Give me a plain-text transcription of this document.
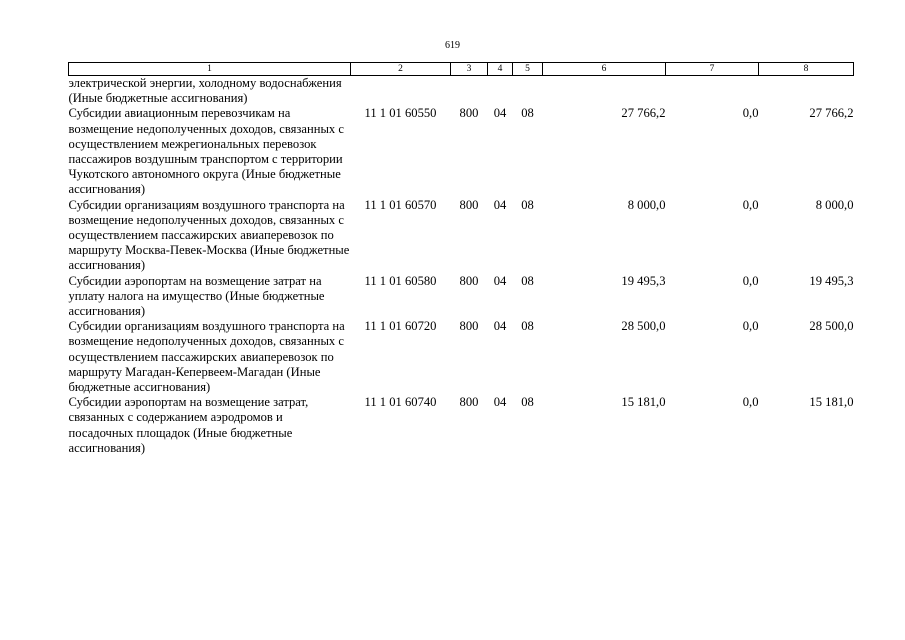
619
1	2	3	4	5	6	7	8
электрической энергии, холодному водоснабжения (Иные бюджетные ассигнования)							
Субсидии авиационным перевозчикам на возмещение недополученных доходов, связанных с осуществлением межрегиональных перевозок пассажиров воздушным транспортом с территории Чукотского автономного округа (Иные бюджетные ассигнования)	11 1 01 60550	800	04	08	27 766,2	0,0	27 766,2
Субсидии организациям воздушного транспорта на возмещение недополученных доходов, связанных с осуществлением пассажирских авиаперевозок по маршруту Москва-Певек-Москва (Иные бюджетные ассигнования)	11 1 01 60570	800	04	08	8 000,0	0,0	8 000,0
Субсидии аэропортам на возмещение затрат на уплату налога на имущество (Иные бюджетные ассигнования)	11 1 01 60580	800	04	08	19 495,3	0,0	19 495,3
Субсидии организациям воздушного транспорта на возмещение недополученных доходов, связанных с осуществлением пассажирских авиаперевозок по маршруту Магадан-Кепервеем-Магадан (Иные бюджетные ассигнования)	11 1 01 60720	800	04	08	28 500,0	0,0	28 500,0
Субсидии аэропортам на возмещение затрат, связанных с содержанием аэродромов и посадочных площадок (Иные бюджетные ассигнования)	11 1 01 60740	800	04	08	15 181,0	0,0	15 181,0
